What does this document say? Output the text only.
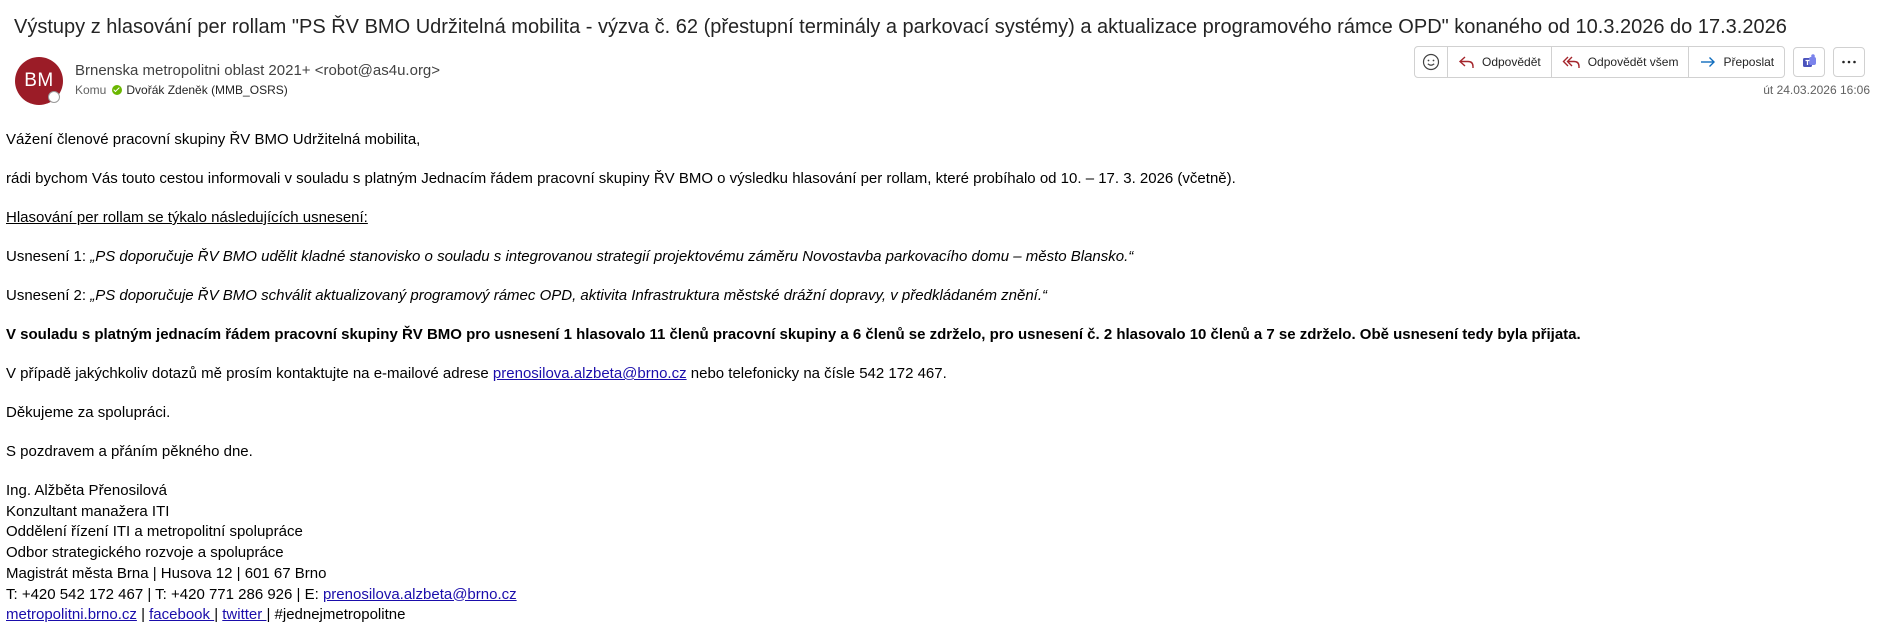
Výstupy z hlasování per rollam "PS ŘV BMO Udržitelná mobilita - výzva č. 62 (přestupní terminály a parkovací systémy) a aktualizace programového rámce OPD" konaného od 10.3.2026 do 17.3.2026
BM Brnenska metropolitni oblast 2021+ <robot@as4u.org>
Komu Dvořák Zdeněk (MMB_OSRS)
Odpovědět	Odpovědět všem	Přeposlat
út 24.03.2026 16:06

Vážení členové pracovní skupiny ŘV BMO Udržitelná mobilita,

rádi bychom Vás touto cestou informovali v souladu s platným Jednacím řádem pracovní skupiny ŘV BMO o výsledku hlasování per rollam, které probíhalo od 10. – 17. 3. 2026 (včetně).

Hlasování per rollam se týkalo následujících usnesení:

Usnesení 1: „PS doporučuje ŘV BMO udělit kladné stanovisko o souladu s integrovanou strategií projektovému záměru Novostavba parkovacího domu – město Blansko.“

Usnesení 2: „PS doporučuje ŘV BMO schválit aktualizovaný programový rámec OPD, aktivita Infrastruktura městské drážní dopravy, v předkládaném znění.“

V souladu s platným jednacím řádem pracovní skupiny ŘV BMO pro usnesení 1 hlasovalo 11 členů pracovní skupiny a 6 členů se zdrželo, pro usnesení č. 2 hlasovalo 10 členů a 7 se zdrželo. Obě usnesení tedy byla přijata.

V případě jakýchkoliv dotazů mě prosím kontaktujte na e-mailové adrese prenosilova.alzbeta@brno.cz nebo telefonicky na čísle 542 172 467.

Děkujeme za spolupráci.

S pozdravem a přáním pěkného dne.

Ing. Alžběta Přenosilová
Konzultant manažera ITI
Oddělení řízení ITI a metropolitní spolupráce
Odbor strategického rozvoje a spolupráce
Magistrát města Brna | Husova 12 | 601 67 Brno
T: +420 542 172 467 | T: +420 771 286 926 | E: prenosilova.alzbeta@brno.cz
metropolitni.brno.cz | facebook | twitter | #jednejmetropolitne
